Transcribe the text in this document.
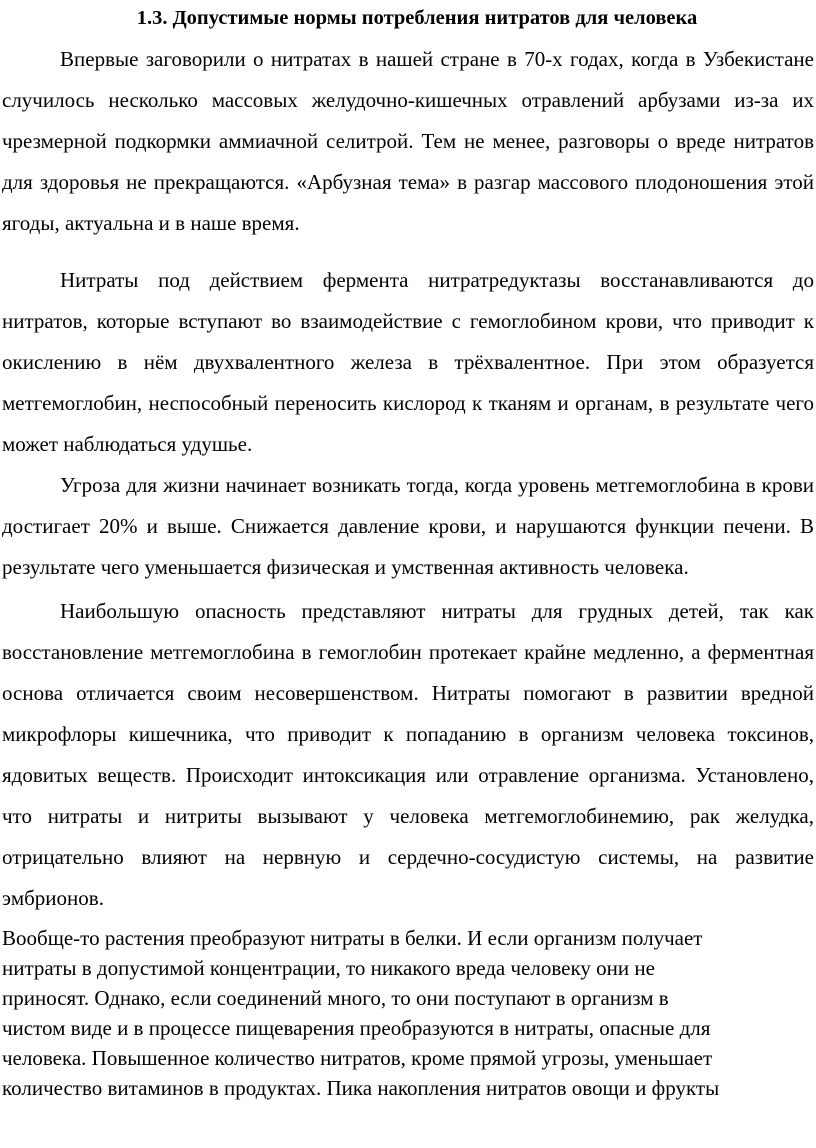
1.3. Допустимые нормы потребления нитратов для человека

Впервые заговорили о нитратах в нашей стране в 70-х годах, когда в Узбекистане случилось несколько массовых желудочно-кишечных отравлений арбузами из-за их чрезмерной подкормки аммиачной селитрой. Тем не менее, разговоры о вреде нитратов для здоровья не прекращаются. «Арбузная тема» в разгар массового плодоношения этой ягоды, актуальна и в наше время.

Нитраты под действием фермента нитратредуктазы восстанавливаются до нитратов, которые вступают во взаимодействие с гемоглобином крови, что приводит к окислению в нём двухвалентного железа в трёхвалентное. При этом образуется метгемоглобин, неспособный переносить кислород к тканям и органам, в результате чего может наблюдаться удушье.

Угроза для жизни начинает возникать тогда, когда уровень метгемоглобина в крови достигает 20% и выше. Снижается давление крови, и нарушаются функции печени. В результате чего уменьшается физическая и умственная активность человека.

Наибольшую опасность представляют нитраты для грудных детей, так как восстановление метгемоглобина в гемоглобин протекает крайне медленно, а ферментная основа отличается своим несовершенством. Нитраты помогают в развитии вредной микрофлоры кишечника, что приводит к попаданию в организм человека токсинов, ядовитых веществ. Происходит интоксикация или отравление организма. Установлено, что нитраты и нитриты вызывают у человека метгемоглобинемию, рак желудка, отрицательно влияют на нервную и сердечно-сосудистую системы, на развитие эмбрионов.

Вообще-то растения преобразуют нитраты в белки. И если организм получает
нитраты в допустимой концентрации, то никакого вреда человеку они не
приносят. Однако, если соединений много, то они поступают в организм в
чистом виде и в процессе пищеварения преобразуются в нитраты, опасные для
человека. Повышенное количество нитратов, кроме прямой угрозы, уменьшает
количество витаминов в продуктах. Пика накопления нитратов овощи и фрукты
